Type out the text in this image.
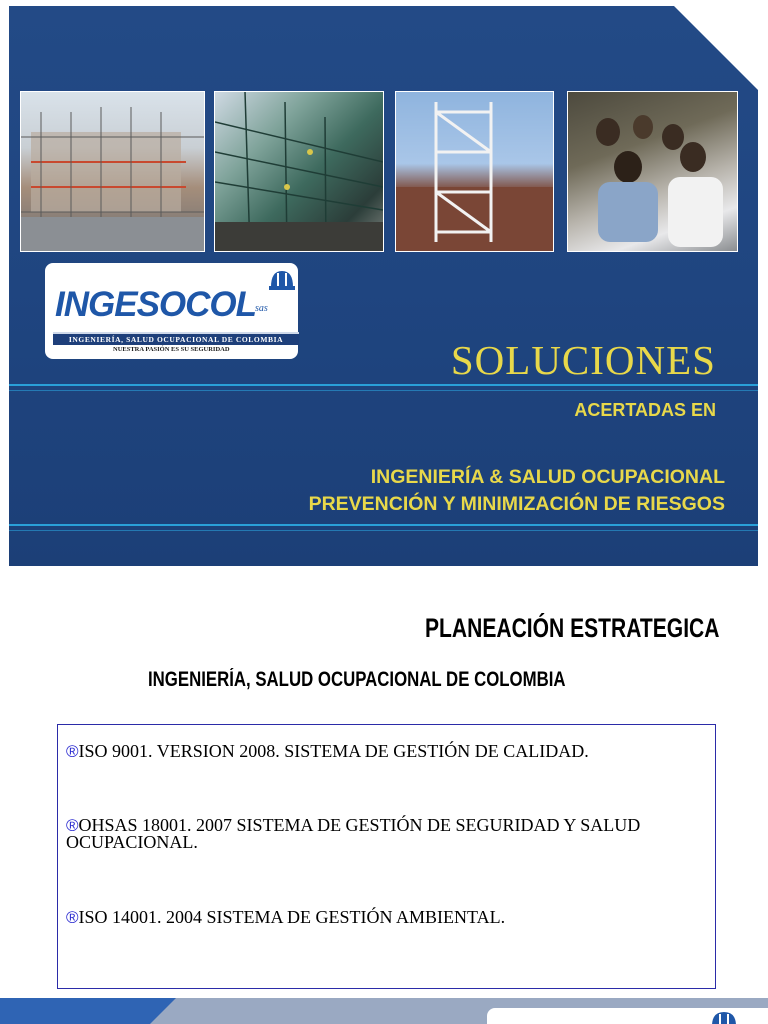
INGESOCOL
sas
INGENIERÍA, SALUD OCUPACIONAL DE COLOMBIA
NUESTRA PASIÓN ES SU SEGURIDAD	SOLUCIONES
ACERTADAS EN
INGENIERÍA & SALUD OCUPACIONAL
PREVENCIÓN Y MINIMIZACIÓN DE RIESGOS
PLANEACIÓN ESTRATEGICA
INGENIERÍA, SALUD OCUPACIONAL DE COLOMBIA
®ISO 9001. VERSION 2008. SISTEMA DE GESTIÓN DE CALIDAD.
®OHSAS 18001. 2007 SISTEMA DE GESTIÓN DE SEGURIDAD Y SALUD OCUPACIONAL.
®ISO 14001. 2004 SISTEMA DE GESTIÓN AMBIENTAL.
